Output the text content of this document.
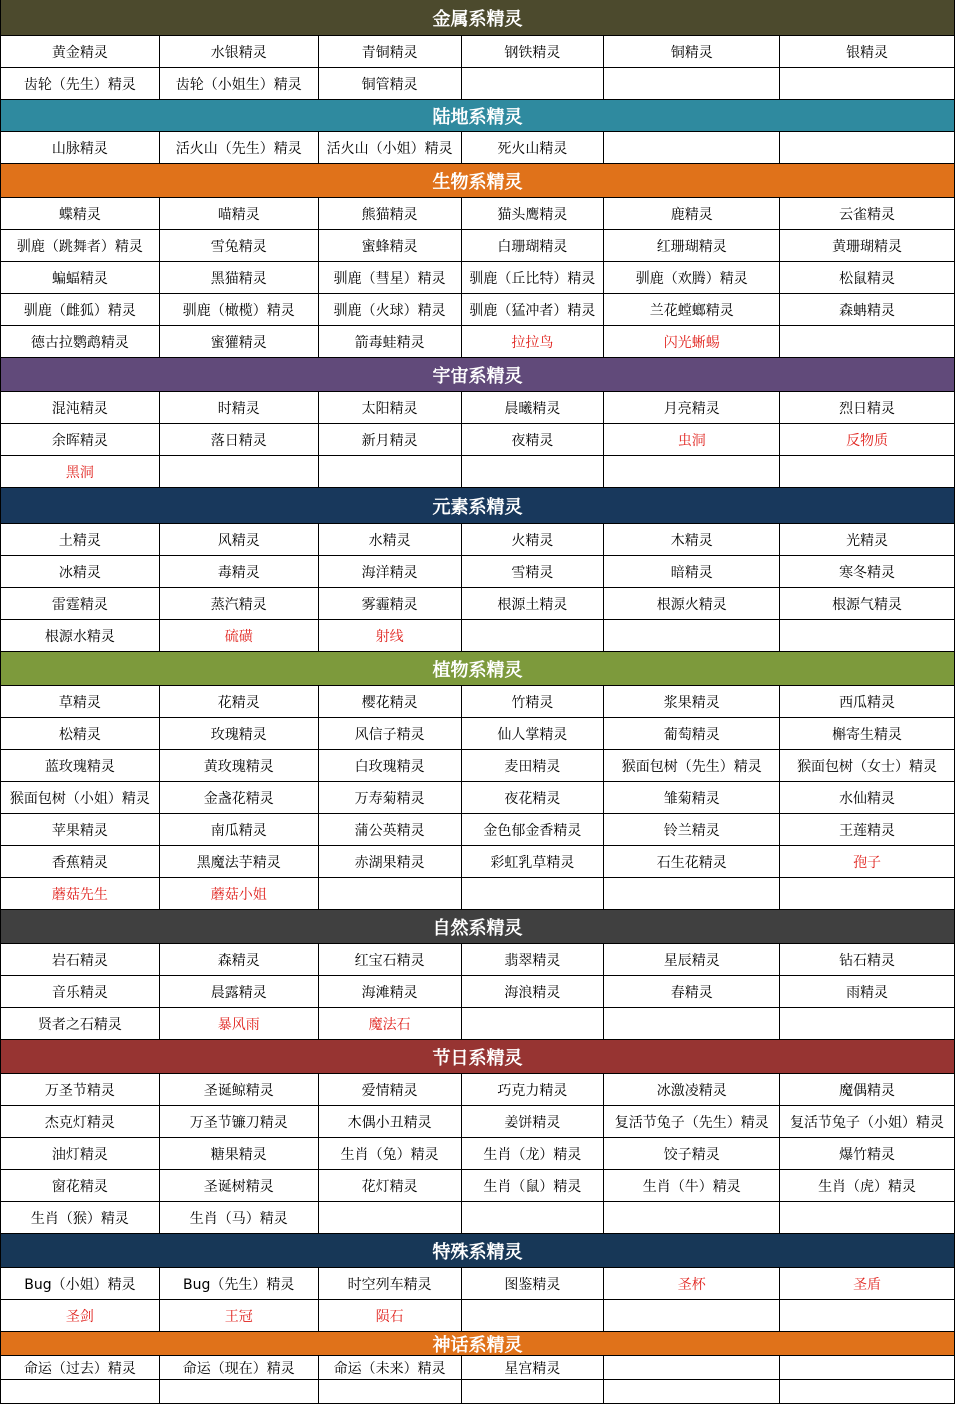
金属系精灵
黄金精灵	水银精灵	青铜精灵	钢铁精灵	铜精灵	银精灵
齿轮（先生）精灵	齿轮（小姐生）精灵	铜管精灵
陆地系精灵
山脉精灵	活火山（先生）精灵	活火山（小姐）精灵	死火山精灵
生物系精灵
蝶精灵	喵精灵	熊猫精灵	猫头鹰精灵	鹿精灵	云雀精灵
驯鹿（跳舞者）精灵	雪兔精灵	蜜蜂精灵	白珊瑚精灵	红珊瑚精灵	黄珊瑚精灵
蝙蝠精灵	黑猫精灵	驯鹿（彗星）精灵	驯鹿（丘比特）精灵	驯鹿（欢腾）精灵	松鼠精灵
驯鹿（雌狐）精灵	驯鹿（橄榄）精灵	驯鹿（火球）精灵	驯鹿（猛冲者）精灵	兰花螳螂精灵	森蚺精灵
德古拉鹦鹉精灵	蜜獾精灵	箭毒蛙精灵	拉拉鸟	闪光蜥蜴
宇宙系精灵
混沌精灵	时精灵	太阳精灵	晨曦精灵	月亮精灵	烈日精灵
余晖精灵	落日精灵	新月精灵	夜精灵	虫洞	反物质
黑洞
元素系精灵
土精灵	风精灵	水精灵	火精灵	木精灵	光精灵
冰精灵	毒精灵	海洋精灵	雪精灵	暗精灵	寒冬精灵
雷霆精灵	蒸汽精灵	雾霾精灵	根源土精灵	根源火精灵	根源气精灵
根源水精灵	硫磺	射线
植物系精灵
草精灵	花精灵	樱花精灵	竹精灵	浆果精灵	西瓜精灵
松精灵	玫瑰精灵	风信子精灵	仙人掌精灵	葡萄精灵	槲寄生精灵
蓝玫瑰精灵	黄玫瑰精灵	白玫瑰精灵	麦田精灵	猴面包树（先生）精灵	猴面包树（女士）精灵
猴面包树（小姐）精灵	金盏花精灵	万寿菊精灵	夜花精灵	雏菊精灵	水仙精灵
苹果精灵	南瓜精灵	蒲公英精灵	金色郁金香精灵	铃兰精灵	王莲精灵
香蕉精灵	黑魔法芋精灵	赤湖果精灵	彩虹乳草精灵	石生花精灵	孢子
蘑菇先生	蘑菇小姐
自然系精灵
岩石精灵	森精灵	红宝石精灵	翡翠精灵	星辰精灵	钻石精灵
音乐精灵	晨露精灵	海滩精灵	海浪精灵	春精灵	雨精灵
贤者之石精灵	暴风雨	魔法石
节日系精灵
万圣节精灵	圣诞鲸精灵	爱情精灵	巧克力精灵	冰激凌精灵	魔偶精灵
杰克灯精灵	万圣节镰刀精灵	木偶小丑精灵	姜饼精灵	复活节兔子（先生）精灵	复活节兔子（小姐）精灵
油灯精灵	糖果精灵	生肖（兔）精灵	生肖（龙）精灵	饺子精灵	爆竹精灵
窗花精灵	圣诞树精灵	花灯精灵	生肖（鼠）精灵	生肖（牛）精灵	生肖（虎）精灵
生肖（猴）精灵	生肖（马）精灵
特殊系精灵
Bug（小姐）精灵	Bug（先生）精灵	时空列车精灵	图鉴精灵	圣杯	圣盾
圣剑	王冠	陨石
神话系精灵
命运（过去）精灵	命运（现在）精灵	命运（未来）精灵	星宫精灵
